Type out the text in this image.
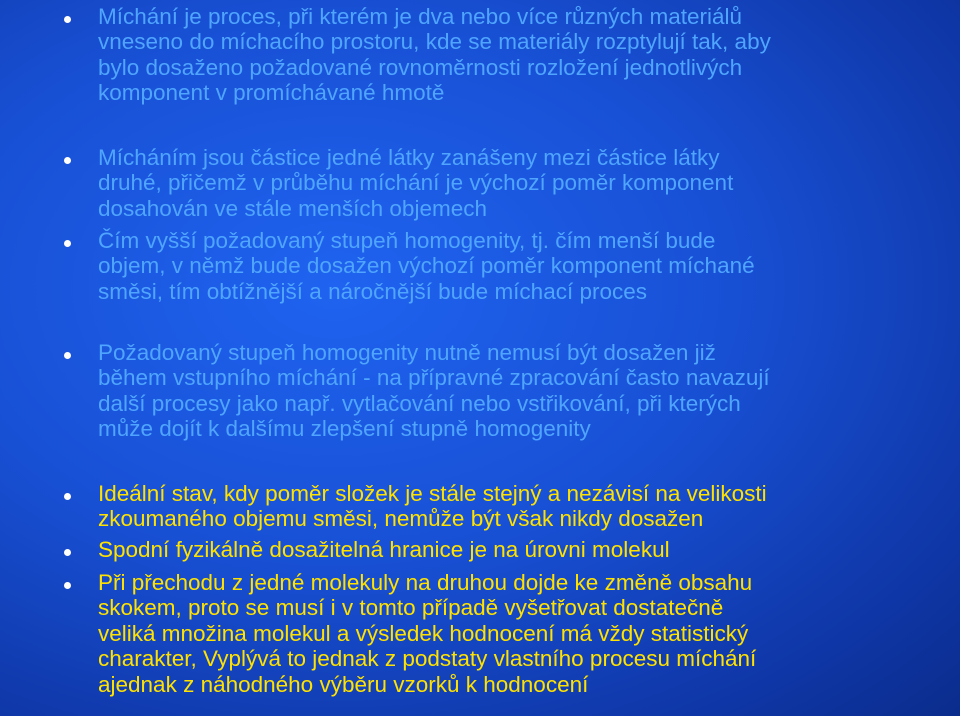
Míchání je proces, při kterém je dva nebo více různých materiálů
vneseno do míchacího prostoru, kde se materiály rozptylují tak, aby
bylo dosaženo požadované rovnoměrnosti rozložení jednotlivých
komponent v promíchávané hmotě

Mícháním jsou částice jedné látky zanášeny mezi částice látky
druhé, přičemž v průběhu míchání je výchozí poměr komponent
dosahován ve stále menších objemech

Čím vyšší požadovaný stupeň homogenity, tj. čím menší bude
objem, v němž bude dosažen výchozí poměr komponent míchané
směsi, tím obtížnější a náročnější bude míchací proces

Požadovaný stupeň homogenity nutně nemusí být dosažen již
během vstupního míchání - na přípravné zpracování často navazují
další procesy jako např. vytlačování nebo vstřikování, při kterých
může dojít k dalšímu zlepšení stupně homogenity

Ideální stav, kdy poměr složek je stále stejný a nezávisí na velikosti
zkoumaného objemu směsi, nemůže být však nikdy dosažen

Spodní fyzikálně dosažitelná hranice je na úrovni molekul

Při přechodu z jedné molekuly na druhou dojde ke změně obsahu
skokem, proto se musí i v tomto případě vyšetřovat dostatečně
veliká množina molekul a výsledek hodnocení má vždy statistický
charakter, Vyplývá to jednak z podstaty vlastního procesu míchání
ajednak z náhodného výběru vzorků k hodnocení
